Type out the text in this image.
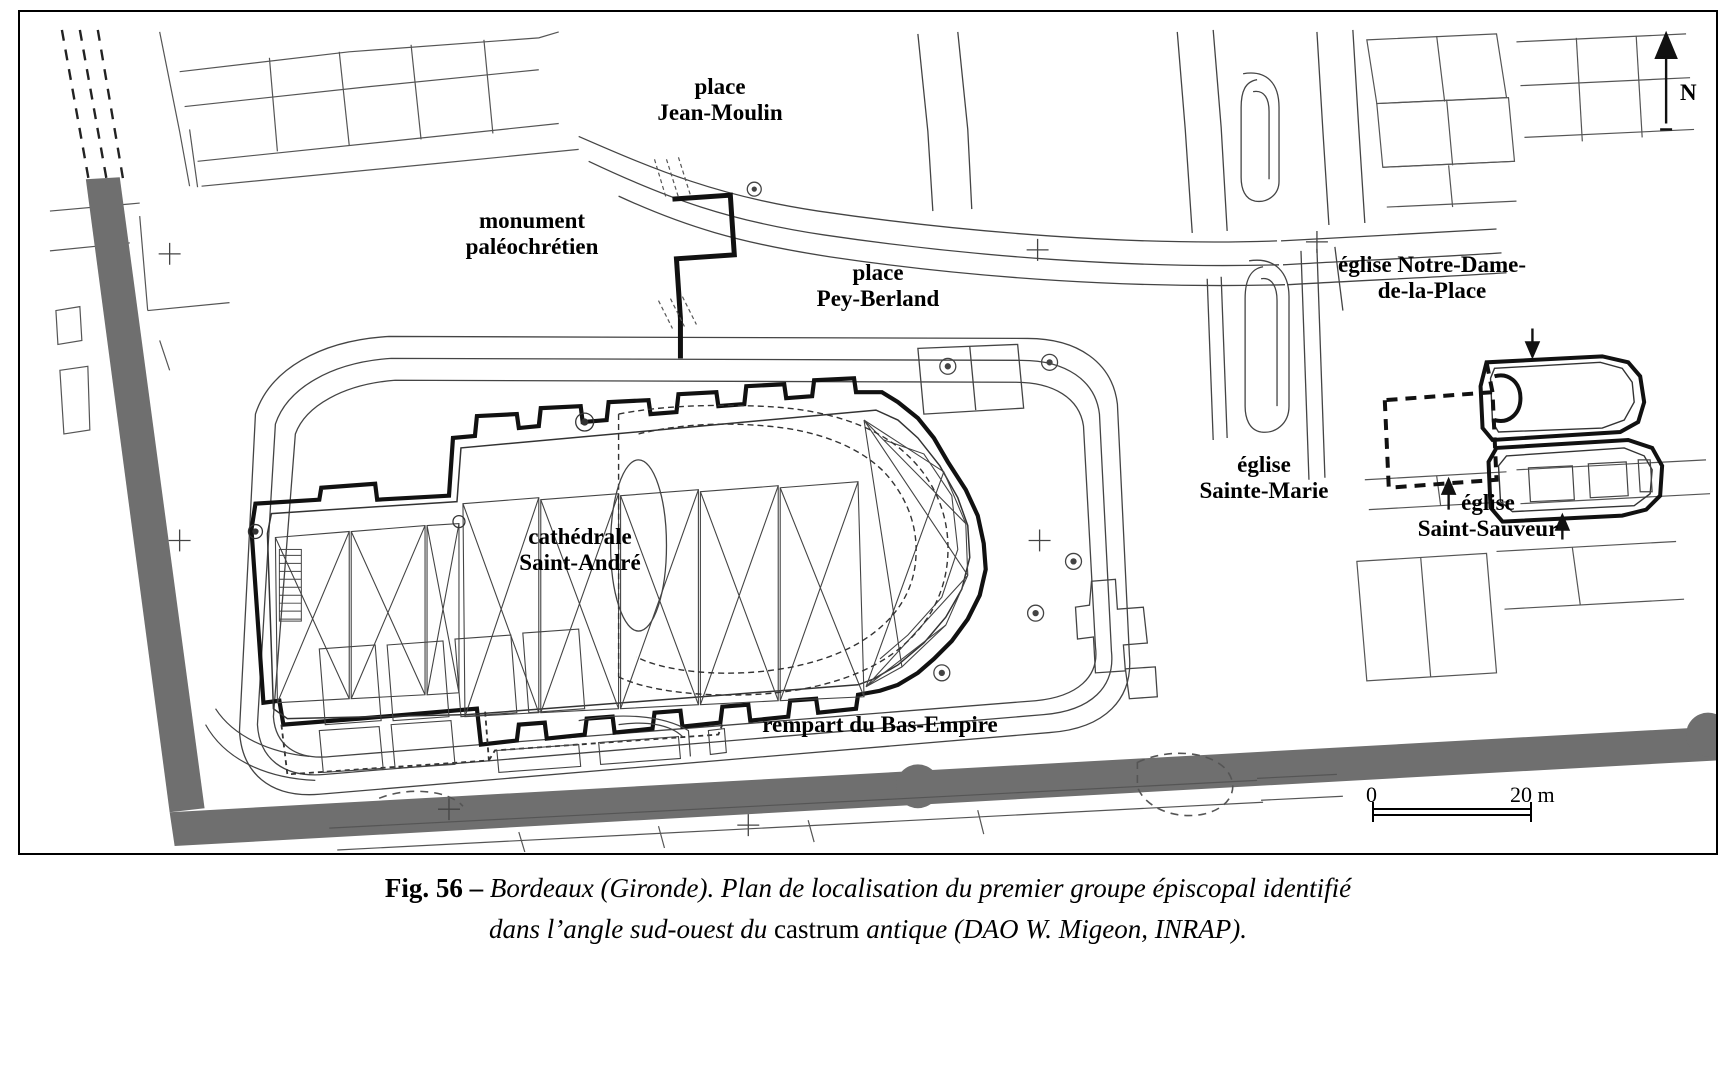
place
Jean-Moulin
monument
paléochrétien
place
Pey-Berland
cathédrale
Saint-André
rempart du Bas-Empire
église Notre-Dame-
de-la-Place
église
Sainte-Marie	église
Saint-Sauveur
N
0	20 m
Fig. 56 – Bordeaux (Gironde). Plan de localisation du premier groupe épiscopal identifié
dans l’angle sud-ouest du castrum antique (DAO W. Migeon, INRAP).
